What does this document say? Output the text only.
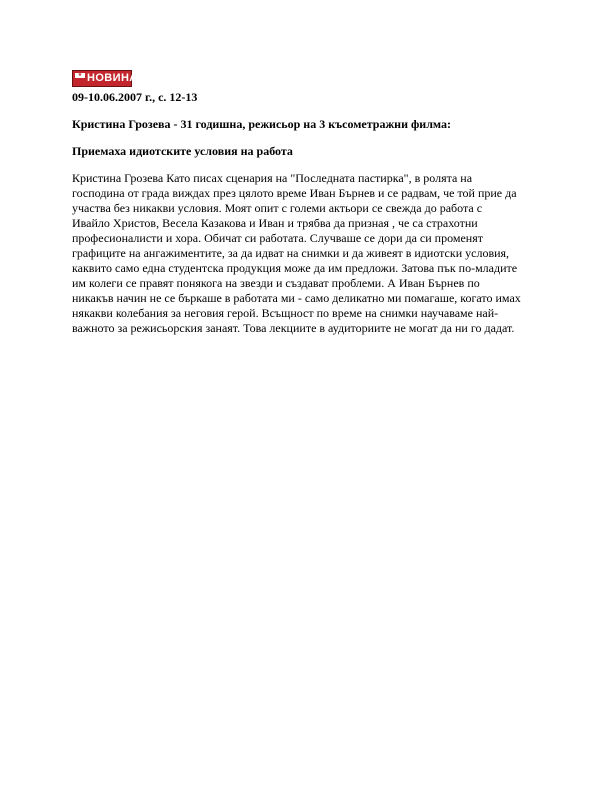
★ НОВИНАР
09-10.06.2007 г., с. 12-13
Кристина Грозева - 31 годишна, режисьор на 3 късометражни филма:
Приемаха идиотските условия на работа
Кристина Грозева Като писах сценария на "Последната пастирка", в ролята на
господина от града виждах през цялото време Иван Бърнев и се радвам, че той прие да
участва без никакви условия. Моят опит с големи актьори се свежда до работа с
Ивайло Христов, Весела Казакова и Иван и трябва да призная , че са страхотни
професионалисти и хора. Обичат си работата. Случваше се дори да си променят
графиците на ангажиментите, за да идват на снимки и да живеят в идиотски условия,
каквито само една студентска продукция може да им предложи. Затова пък по-младите
им колеги се правят понякога на звезди и създават проблеми. А Иван Бърнев по
никакъв начин не се бъркаше в работата ми - само деликатно ми помагаше, когато имах
някакви колебания за неговия герой. Всъщност по време на снимки научаваме най-
важното за режисьорския занаят. Това лекциите в аудиториите не могат да ни го дадат.
